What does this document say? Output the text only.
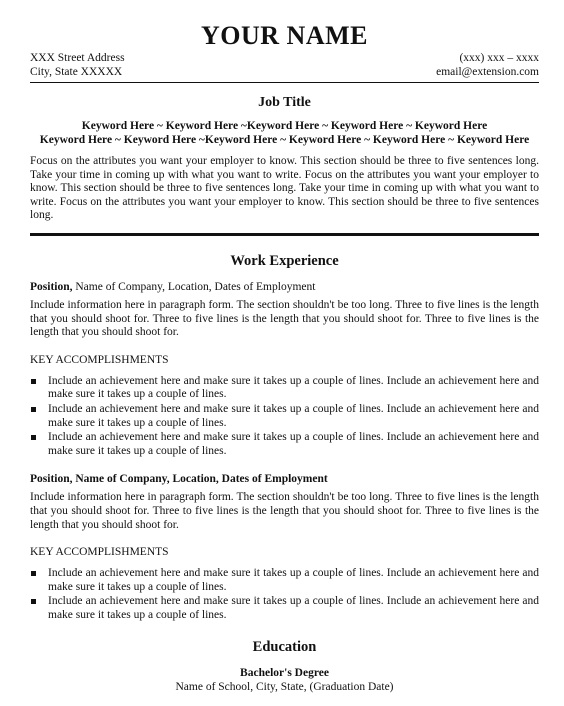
YOUR NAME
XXX Street Address
City, State XXXXX
(xxx) xxx – xxxx
email@extension.com
Job Title
Keyword Here ~ Keyword Here ~Keyword Here ~ Keyword Here ~ Keyword Here
Keyword Here ~ Keyword Here ~Keyword Here ~ Keyword Here ~ Keyword Here ~ Keyword Here
Focus on the attributes you want your employer to know. This section should be three to five sentences long. Take your time in coming up with what you want to write. Focus on the attributes you want your employer to know. This section should be three to five sentences long. Take your time in coming up with what you want to write. Focus on the attributes you want your employer to know. This section should be three to five sentences long.
Work Experience
Position, Name of Company, Location, Dates of Employment
Include information here in paragraph form. The section shouldn't be too long. Three to five lines is the length that you should shoot for. Three to five lines is the length that you should shoot for. Three to five lines is the length that you should shoot for.
KEY ACCOMPLISHMENTS
Include an achievement here and make sure it takes up a couple of lines. Include an achievement here and make sure it takes up a couple of lines.
Include an achievement here and make sure it takes up a couple of lines. Include an achievement here and make sure it takes up a couple of lines.
Include an achievement here and make sure it takes up a couple of lines. Include an achievement here and make sure it takes up a couple of lines.
Position, Name of Company, Location, Dates of Employment
Include information here in paragraph form. The section shouldn't be too long. Three to five lines is the length that you should shoot for. Three to five lines is the length that you should shoot for. Three to five lines is the length that you should shoot for.
KEY ACCOMPLISHMENTS
Include an achievement here and make sure it takes up a couple of lines. Include an achievement here and make sure it takes up a couple of lines.
Include an achievement here and make sure it takes up a couple of lines. Include an achievement here and make sure it takes up a couple of lines.
Education
Bachelor's Degree
Name of School, City, State, (Graduation Date)
